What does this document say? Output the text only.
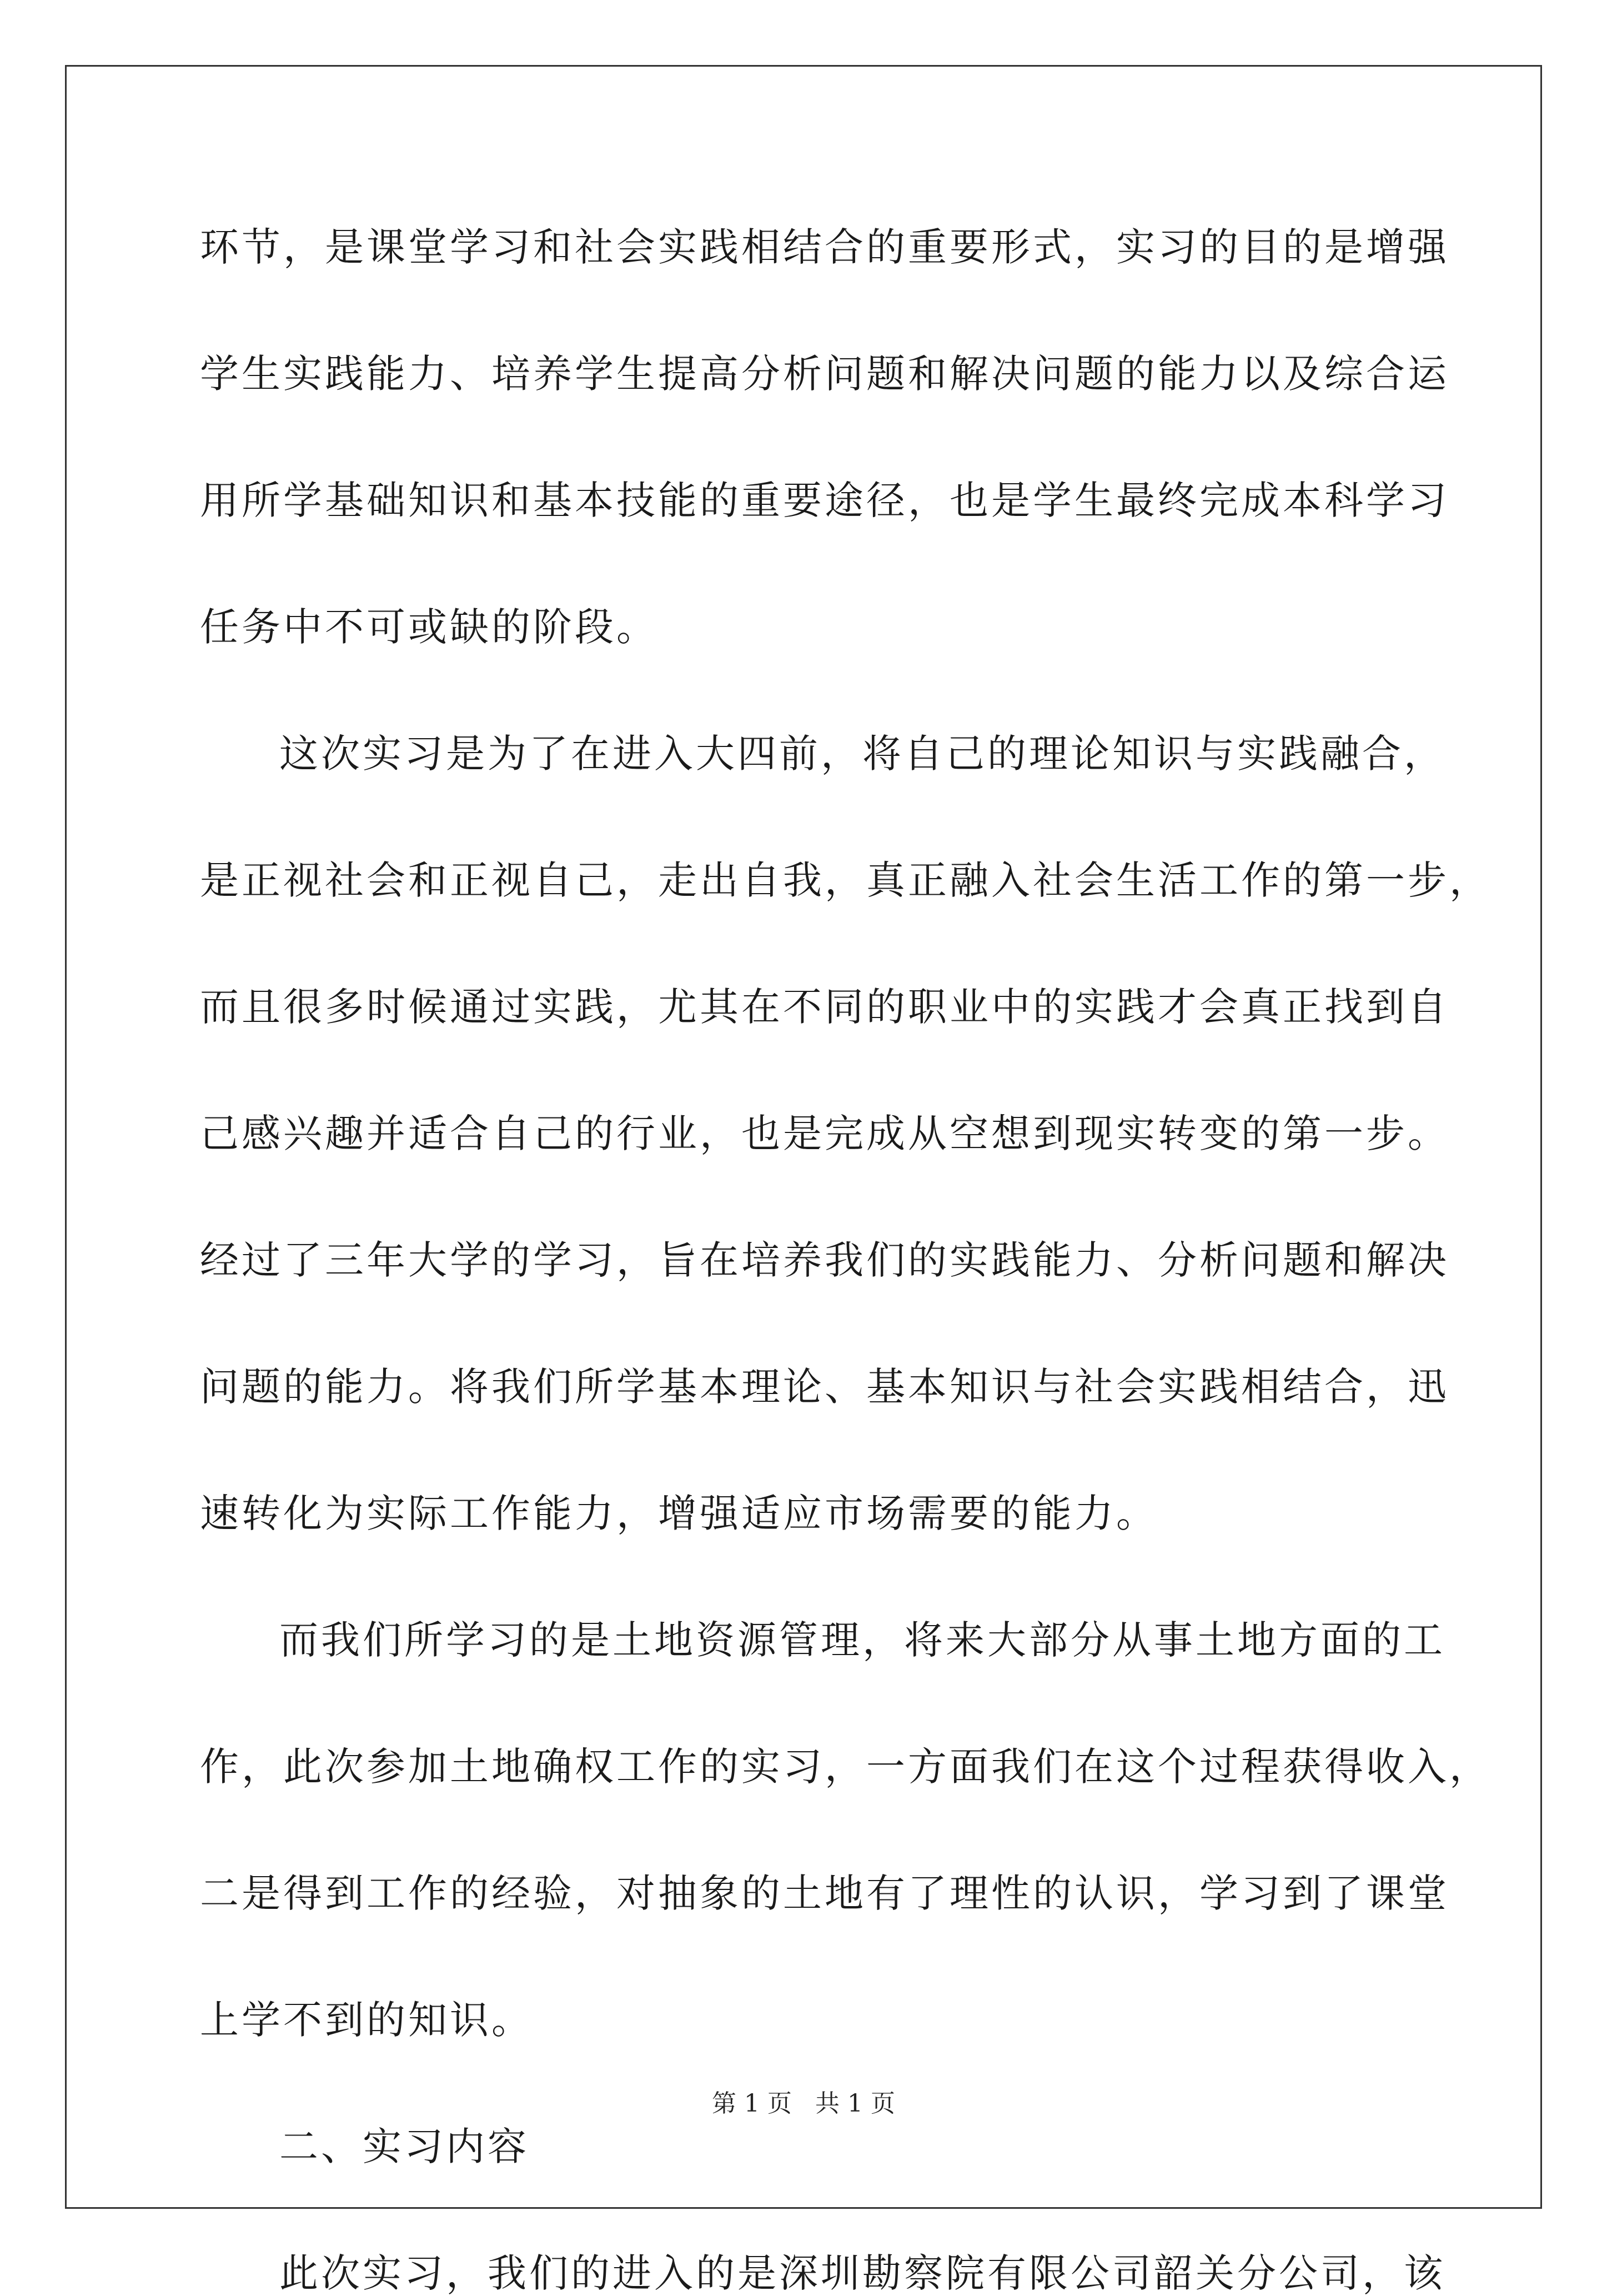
环节，是课堂学习和社会实践相结合的重要形式，实习的目的是增强
学生实践能力、培养学生提高分析问题和解决问题的能力以及综合运
用所学基础知识和基本技能的重要途径，也是学生最终完成本科学习
任务中不可或缺的阶段。
这次实习是为了在进入大四前，将自己的理论知识与实践融合，
是正视社会和正视自己，走出自我，真正融入社会生活工作的第一步，
而且很多时候通过实践，尤其在不同的职业中的实践才会真正找到自
己感兴趣并适合自己的行业，也是完成从空想到现实转变的第一步。
经过了三年大学的学习，旨在培养我们的实践能力、分析问题和解决
问题的能力。将我们所学基本理论、基本知识与社会实践相结合，迅
速转化为实际工作能力，增强适应市场需要的能力。
而我们所学习的是土地资源管理，将来大部分从事土地方面的工
作，此次参加土地确权工作的实习，一方面我们在这个过程获得收入，
二是得到工作的经验，对抽象的土地有了理性的认识，学习到了课堂
上学不到的知识。
二、实习内容
此次实习，我们的进入的是深圳勘察院有限公司韶关分公司，该
第 1 页 共 1 页
